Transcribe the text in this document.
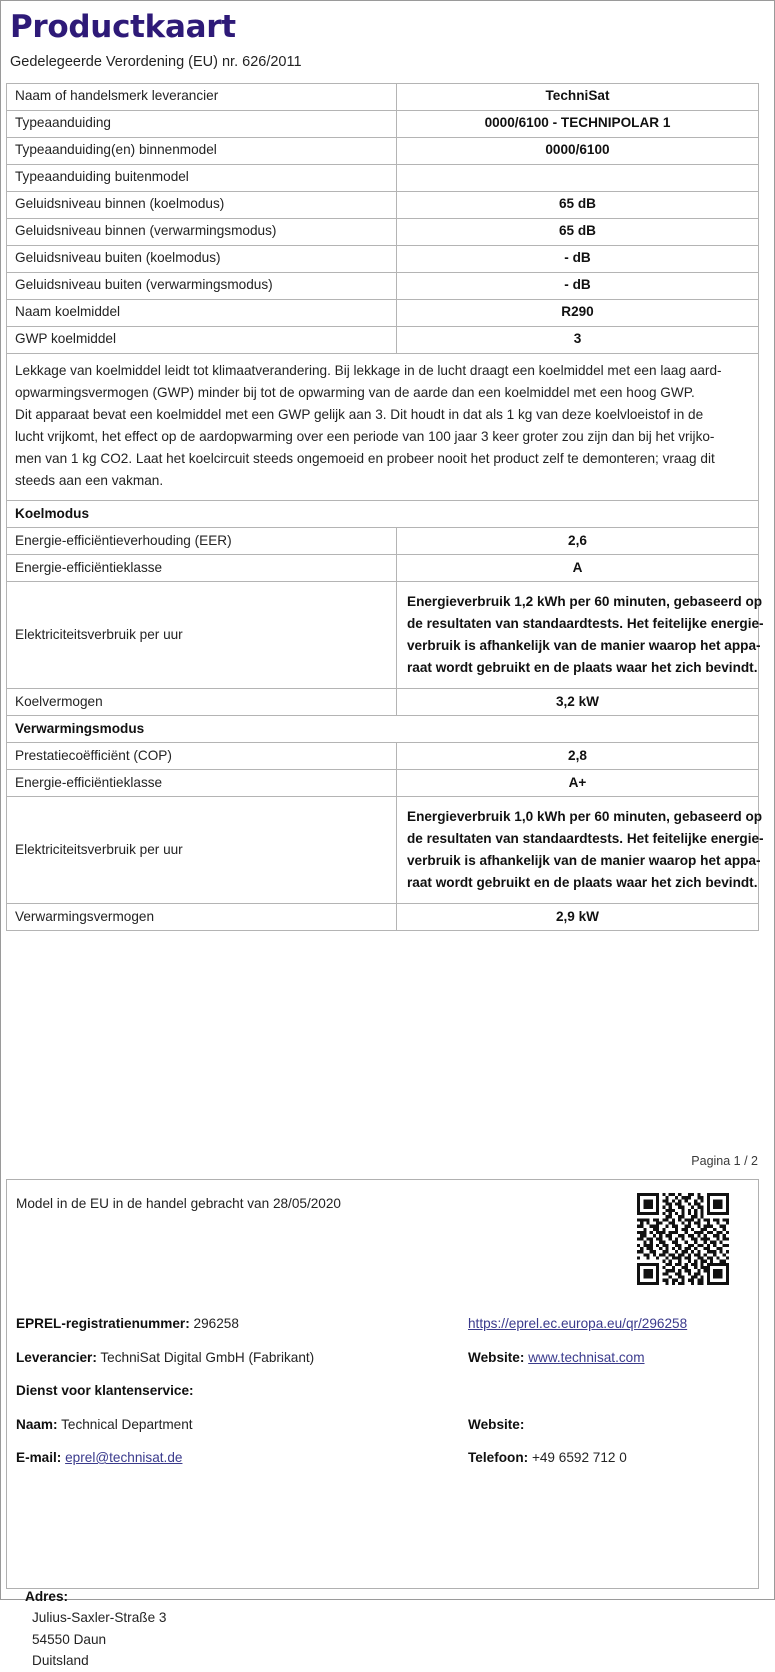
Productkaart
Gedelegeerde Verordening (EU) nr. 626/2011
Naam of handelsmerk leverancier	TechniSat
Typeaanduiding	0000/6100 - TECHNIPOLAR 1
Typeaanduiding(en) binnenmodel	0000/6100
Typeaanduiding buitenmodel	
Geluidsniveau binnen (koelmodus)	65 dB
Geluidsniveau binnen (verwarmingsmodus)	65 dB
Geluidsniveau buiten (koelmodus)	- dB
Geluidsniveau buiten (verwarmingsmodus)	- dB
Naam koelmiddel	R290
GWP koelmiddel	3

Lekkage van koelmiddel leidt tot klimaatverandering. Bij lekkage in de lucht draagt een koelmiddel met een laag aard-
opwarmingsvermogen (GWP) minder bij tot de opwarming van de aarde dan een koelmiddel met een hoog GWP.
Dit apparaat bevat een koelmiddel met een GWP gelijk aan 3. Dit houdt in dat als 1 kg van deze koelvloeistof in de
lucht vrijkomt, het effect op de aardopwarming over een periode van 100 jaar 3 keer groter zou zijn dan bij het vrijko-
men van 1 kg CO2. Laat het koelcircuit steeds ongemoeid en probeer nooit het product zelf te demonteren; vraag dit
steeds aan een vakman.

Koelmodus	
Energie-efficiëntieverhouding (EER)	2,6
Energie-efficiëntieklasse	A
Elektriciteitsverbruik per uur	Energieverbruik 1,2 kWh per 60 minuten, gebaseerd op
de resultaten van standaardtests. Het feitelijke energie-
verbruik is afhankelijk van de manier waarop het appa-
raat wordt gebruikt en de plaats waar het zich bevindt.

Koelvermogen	3,2 kW
Verwarmingsmodus	
Prestatiecoëfficiënt (COP)	2,8
Energie-efficiëntieklasse	A+
Elektriciteitsverbruik per uur	Energieverbruik 1,0 kWh per 60 minuten, gebaseerd op
de resultaten van standaardtests. Het feitelijke energie-
verbruik is afhankelijk van de manier waarop het appa-
raat wordt gebruikt en de plaats waar het zich bevindt.

Verwarmingsvermogen	2,9 kW
Pagina 1 / 2
Model in de EU in de handel gebracht van 28/05/2020
EPREL-registratienummer: 296258	https://eprel.ec.europa.eu/qr/296258
Leverancier: TechniSat Digital GmbH (Fabrikant)	Website: www.technisat.com
Dienst voor klantenservice:
Naam: Technical Department	Website:
E-mail: eprel@technisat.de	Telefoon: +49 6592 712 0
Adres:
Julius-Saxler-Straße 3
54550 Daun
Duitsland
